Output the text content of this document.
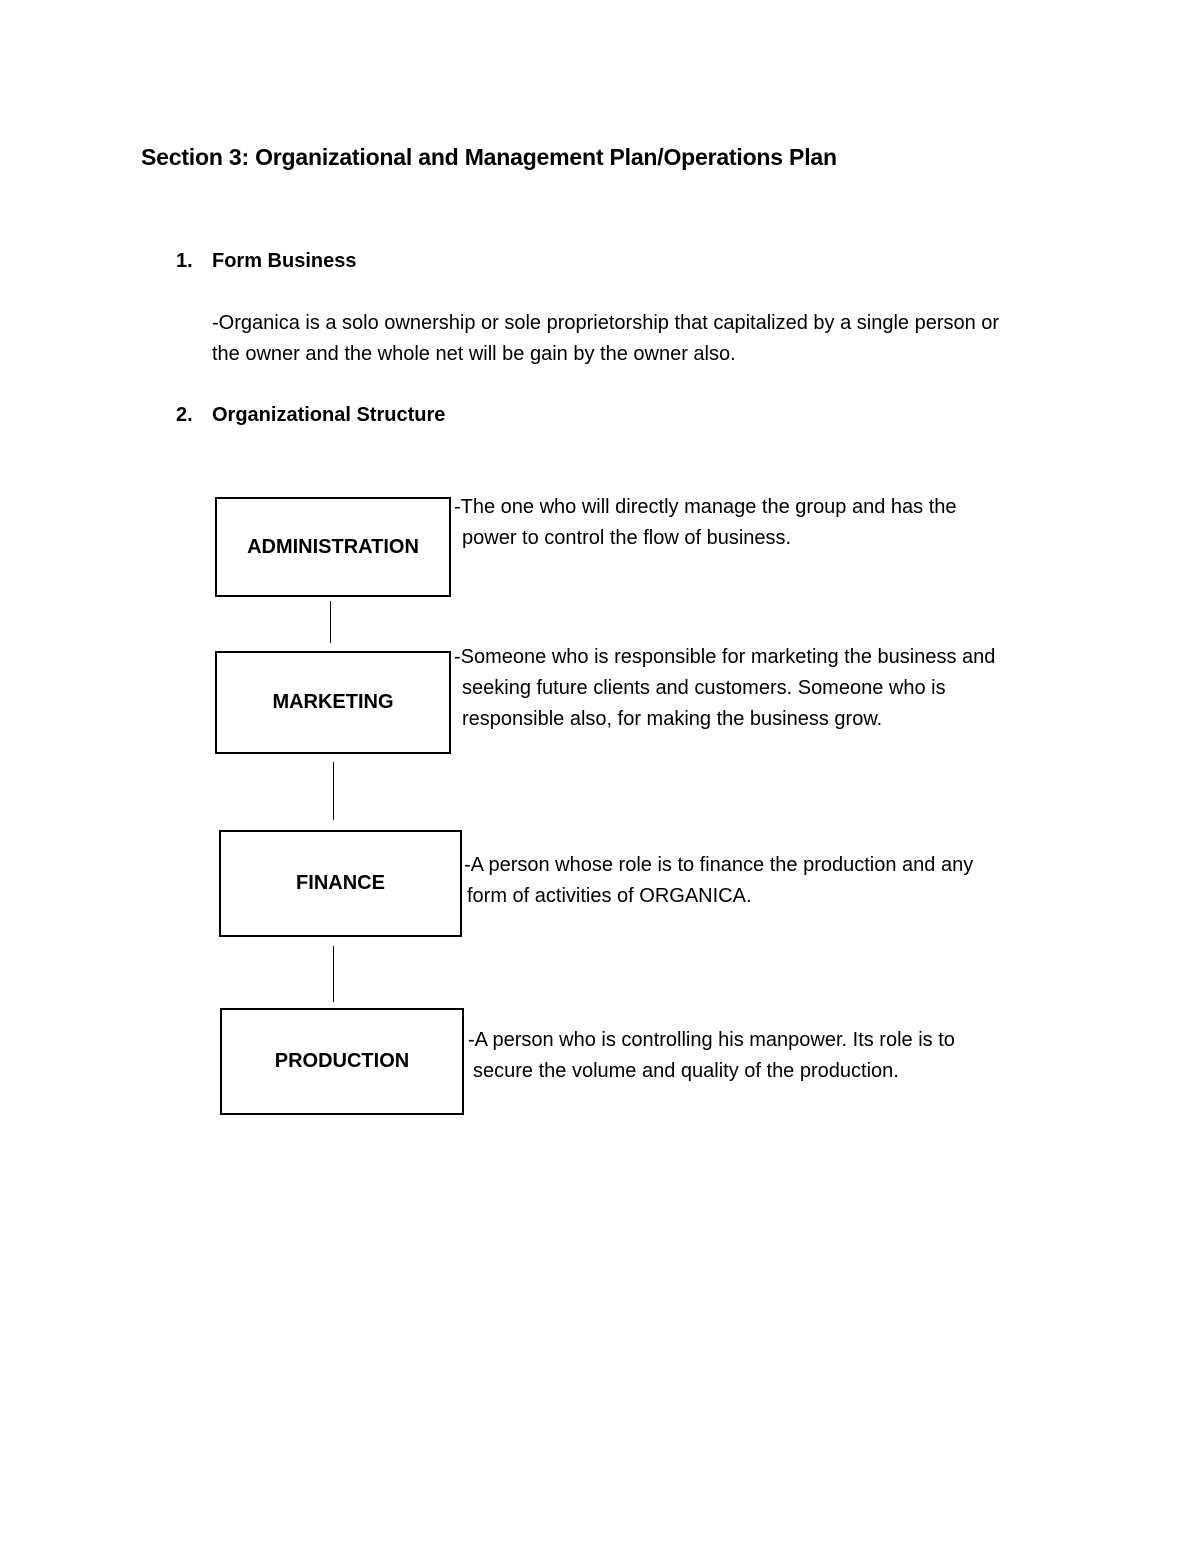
Section 3: Organizational and Management Plan/Operations Plan
1. Form Business
-Organica is a solo ownership or sole proprietorship that capitalized by a single person or
the owner and the whole net will be gain by the owner also.
2. Organizational Structure
ADMINISTRATION
-The one who will directly manage the group and has the
power to control the flow of business.
MARKETING
-Someone who is responsible for marketing the business and
seeking future clients and customers. Someone who is
responsible also, for making the business grow.
FINANCE
-A person whose role is to finance the production and any
form of activities of ORGANICA.
PRODUCTION
-A person who is controlling his manpower. Its role is to
secure the volume and quality of the production.
